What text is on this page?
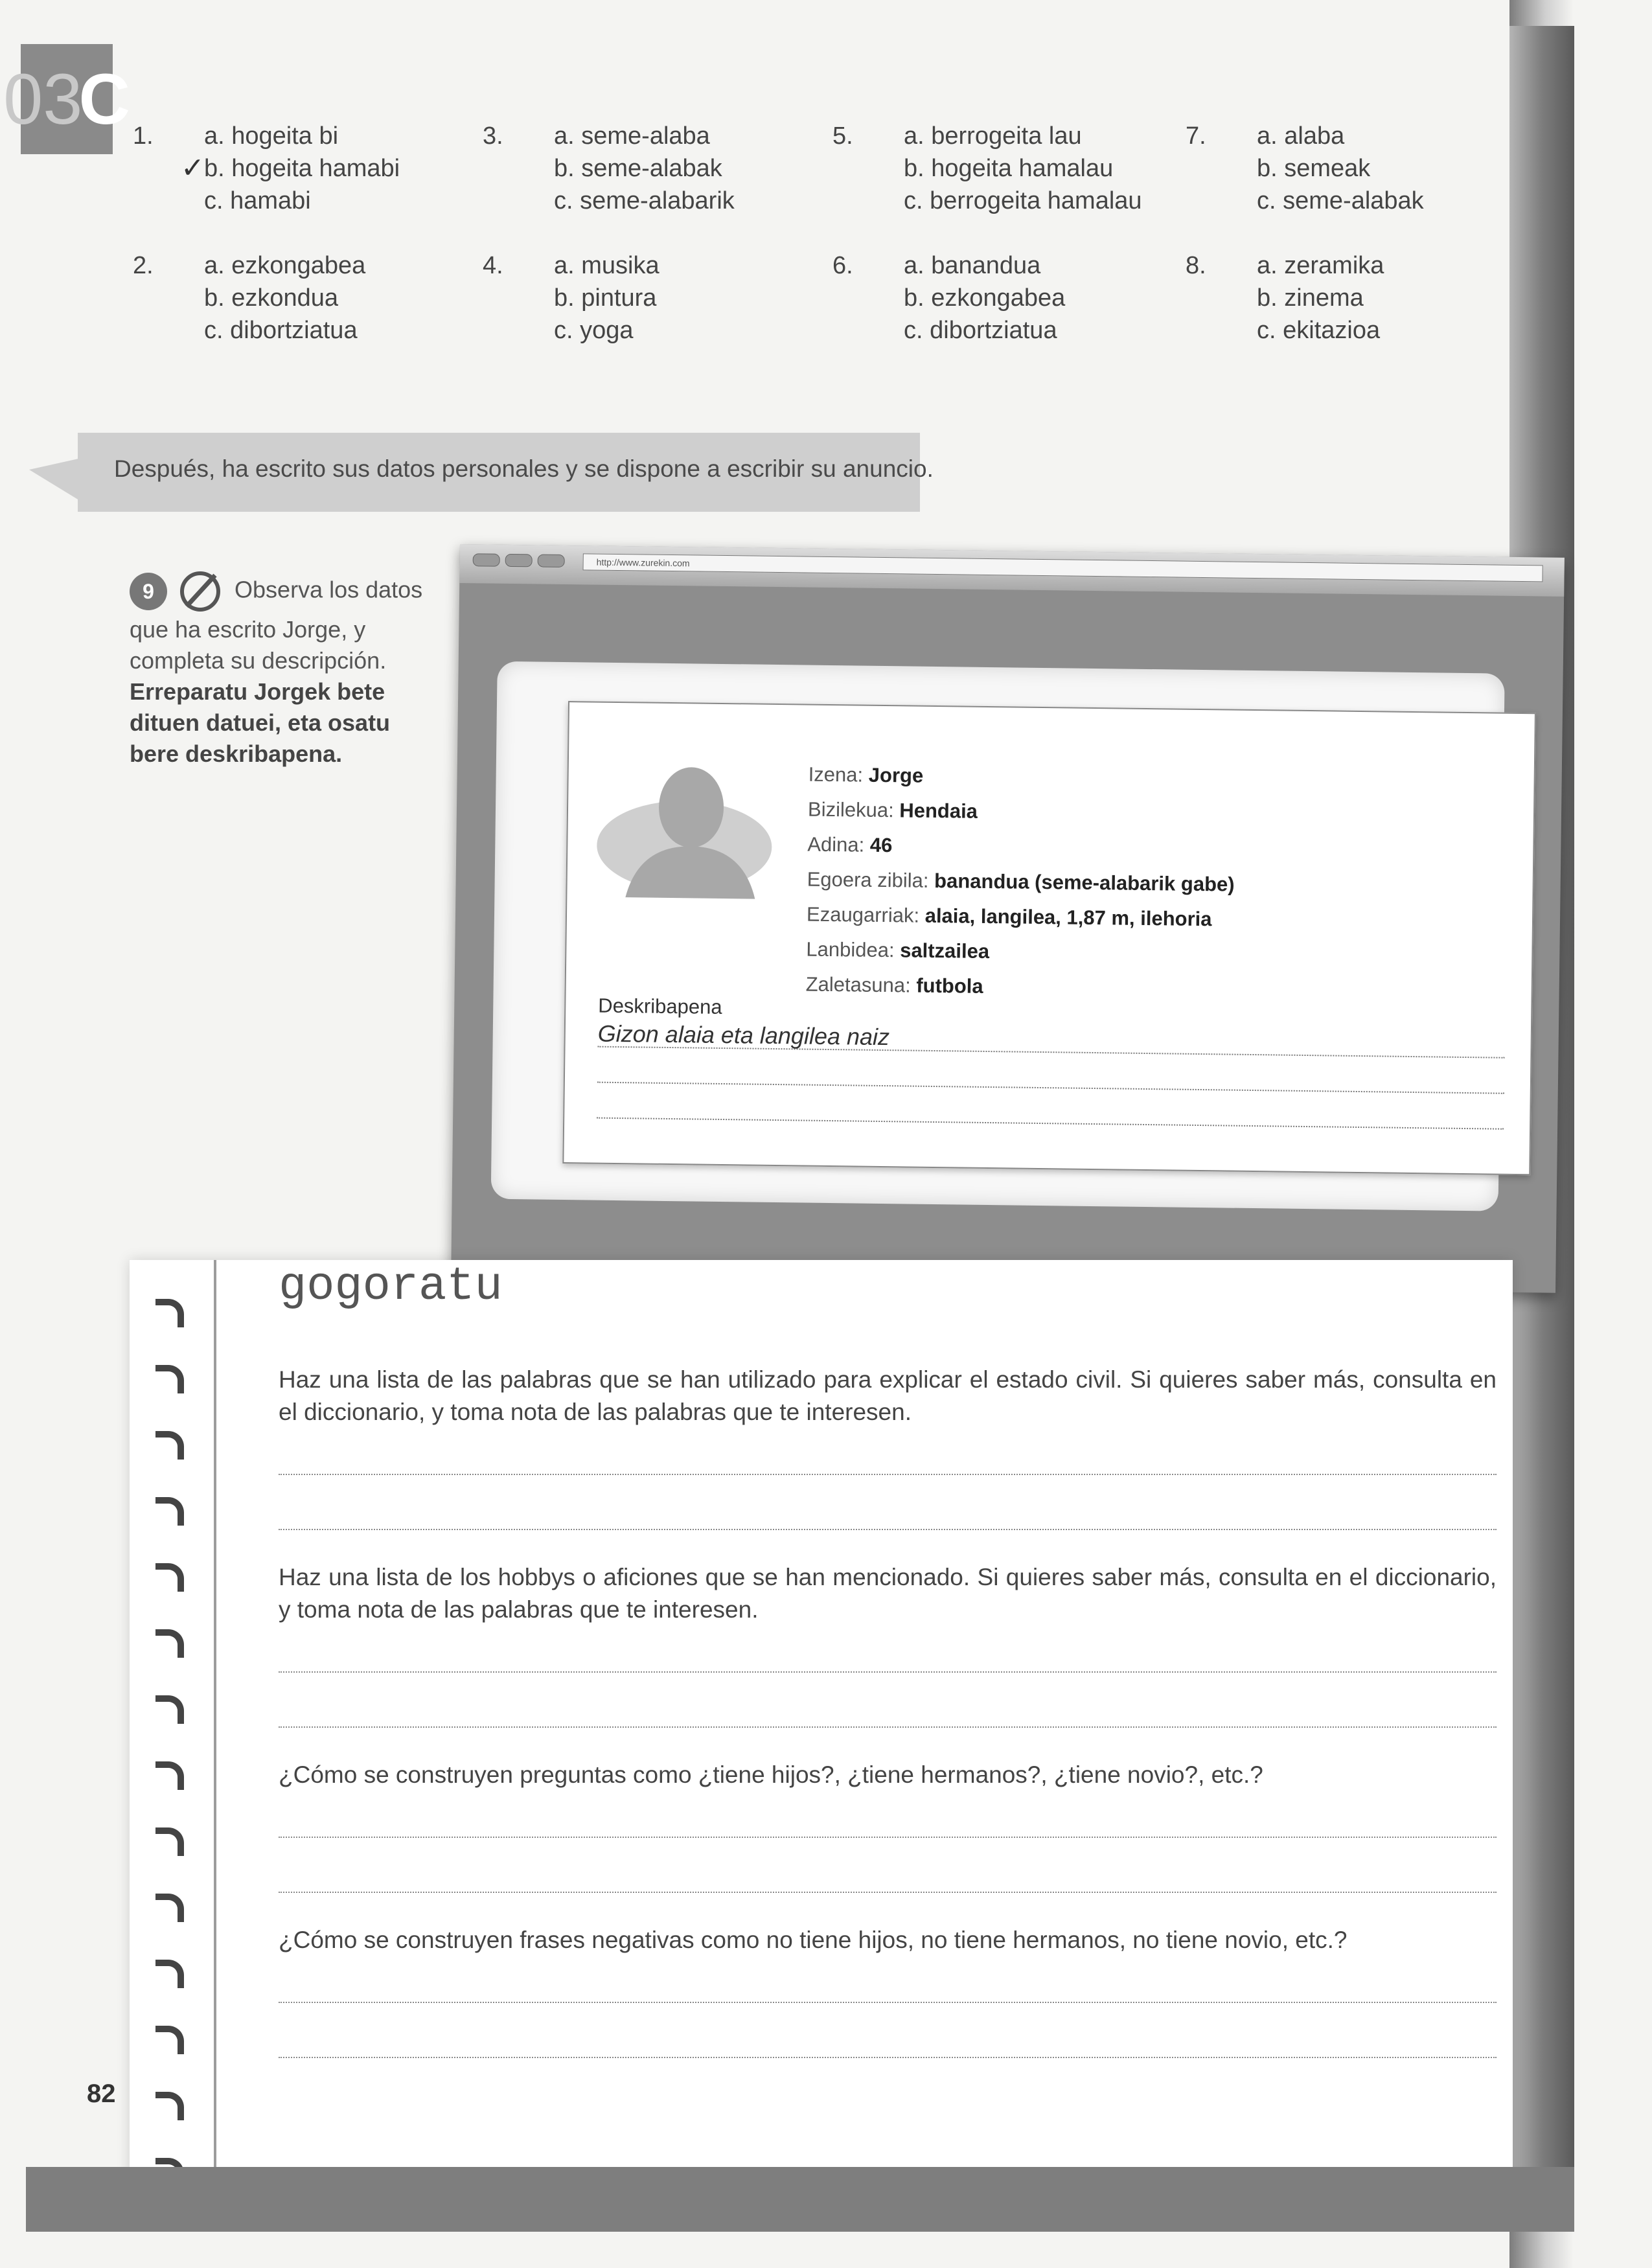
03
C 1. a. hogeita bi
✓ b. hogeita hamabi
c. hamabi
3. a. seme-alaba
b. seme-alabak
c. seme-alabarik
5. a. berrogeita lau
b. hogeita hamalau
c. berrogeita hamalau
7. a. alaba
b. semeak
c. seme-alabak
2. a. ezkongabea
b. ezkondua
c. dibortziatua
4. a. musika
b. pintura
c. yoga
6. a. banandua
b. ezkongabea
c. dibortziatua
8. a. zeramika
b. zinema
c. ekitazioa
Después, ha escrito sus datos personales y se dispone a escribir su anuncio.
9	Observa los datos que ha escrito Jorge, y completa su descripción. Erreparatu Jorgek bete dituen datuei, eta osatu bere deskribapena.
http://www.zurekin.com
Izena: Jorge
Bizilekua: Hendaia
Adina: 46
Egoera zibila: banandua (seme-alabarik gabe)
Ezaugarriak: alaia, langilea, 1,87 m, ilehoria
Lanbidea: saltzailea
Zaletasuna: futbola
Deskribapena
Gizon alaia eta langilea naiz
gogoratu
Haz una lista de las palabras que se han utilizado para explicar el estado civil. Si quieres saber más, consulta en el diccionario, y toma nota de las palabras que te interesen.
Haz una lista de los hobbys o aficiones que se han mencionado. Si quieres saber más, consulta en el diccionario, y toma nota de las palabras que te interesen.
¿Cómo se construyen preguntas como ¿tiene hijos?, ¿tiene hermanos?, ¿tiene novio?, etc.?
¿Cómo se construyen frases negativas como no tiene hijos, no tiene hermanos, no tiene novio, etc.?
82
